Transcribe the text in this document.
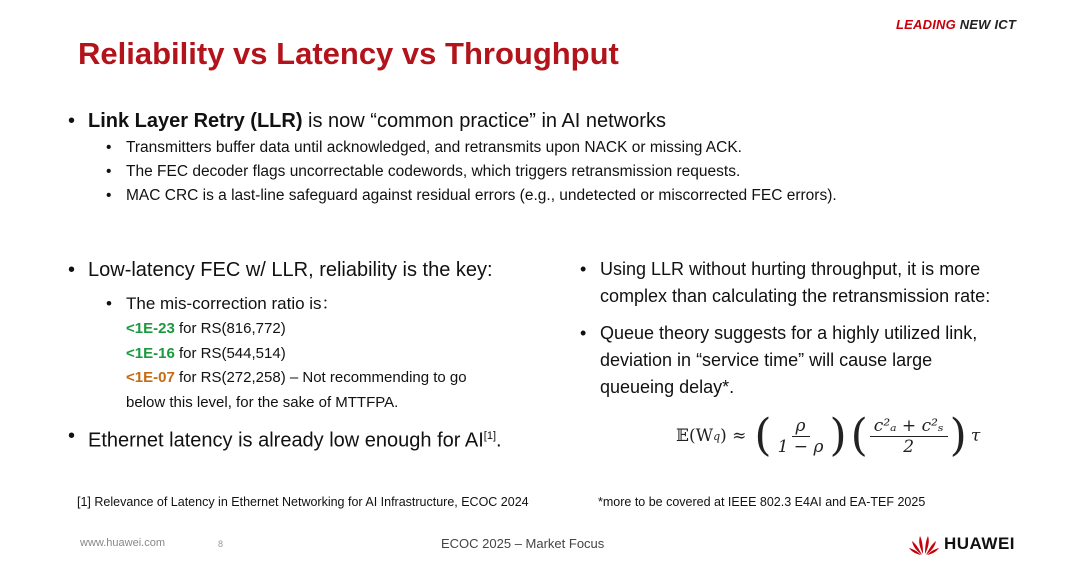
LEADING NEW ICT
Reliability vs Latency vs Throughput
• Link Layer Retry (LLR) is now “common practice” in AI networks
• Transmitters buffer data until acknowledged, and retransmits upon NACK or missing ACK.
• The FEC decoder flags uncorrectable codewords, which triggers retransmission requests.
• MAC CRC is a last-line safeguard against residual errors (e.g., undetected or miscorrected FEC errors).
• Low-latency FEC w/ LLR, reliability is the key:
• The mis-correction ratio is：
<1E-23 for RS(816,772)
<1E-16 for RS(544,514)
<1E-07 for RS(272,258) – Not recommending to go
below this level, for the sake of MTTFPA.
• Ethernet latency is already low enough for AI[1].
• Using LLR without hurting throughput, it is more
complex than calculating the retransmission rate:
• Queue theory suggests for a highly utilized link,
deviation in “service time” will cause large
queueing delay*.
𝔼(W q ) ≈ ( $\frac{\rho}{1 - \rho}$ ) ( $\frac{\text{c²ₐ + c²ₛ}}{2}$ ) τ
[1] Relevance of Latency in Ethernet Networking for AI Infrastructure, ECOC 2024	*more to be covered at IEEE 802.3 E4AI and EA-TEF 2025
www.huawei.com	8	ECOC 2025 – Market Focus	HUAWEI
